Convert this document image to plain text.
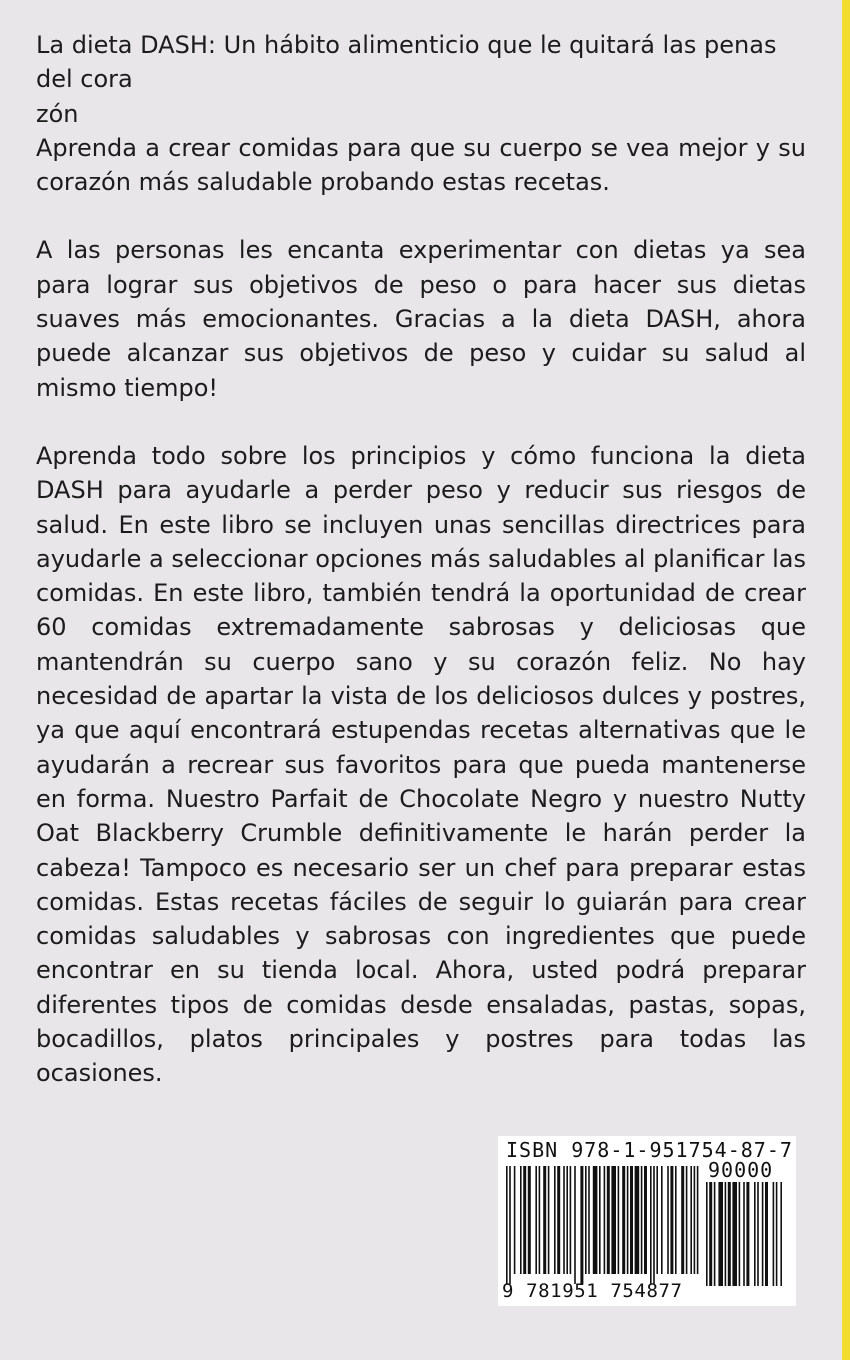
La dieta DASH: Un hábito alimenticio que le quitará las penas del cora
zón

Aprenda a crear comidas para que su cuerpo se vea mejor y su corazón más saludable probando estas recetas.

A las personas les encanta experimentar con dietas ya sea para lograr sus objetivos de peso o para hacer sus dietas suaves más emocionantes. Gracias a la dieta DASH, ahora puede alcanzar sus objetivos de peso y cuidar su salud al mismo tiempo!

Aprenda todo sobre los principios y cómo funciona la dieta DASH para ayudarle a perder peso y reducir sus riesgos de salud. En este libro se incluyen unas sencillas directrices para ayudarle a seleccionar opciones más saludables al planificar las comidas. En este libro, también tendrá la oportunidad de crear 60 comidas extremadamente sabrosas y deliciosas que mantendrán su cuerpo sano y su corazón feliz. No hay necesidad de apartar la vista de los deliciosos dulces y postres, ya que aquí encontrará estupendas recetas alternativas que le ayudarán a recrear sus favoritos para que pueda mantenerse en forma. Nuestro Parfait de Chocolate Negro y nuestro Nutty Oat Blackberry Crumble definitivamente le harán perder la cabeza! Tampoco es necesario ser un chef para preparar estas comidas. Estas recetas fáciles de seguir lo guiarán para crear comidas saludables y sabrosas con ingredientes que puede encontrar en su tienda local. Ahora, usted podrá preparar diferentes tipos de comidas desde ensaladas, pastas, sopas, bocadillos, platos principales y postres para todas las ocasiones.

ISBN 978-1-951754-87-7
90000
9 781951 754877
